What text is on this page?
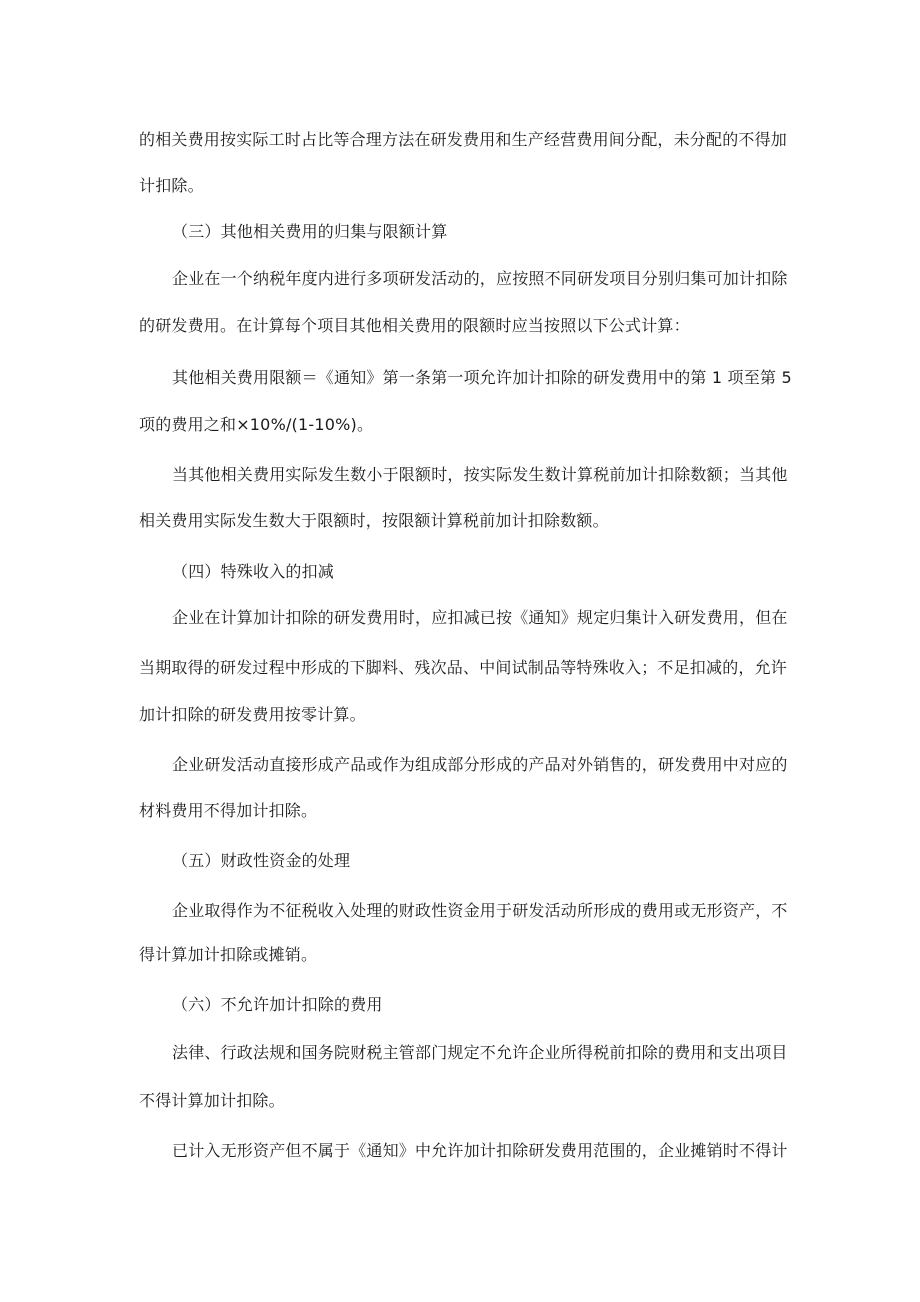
的相关费用按实际工时占比等合理方法在研发费用和生产经营费用间分配，未分配的不得加
计扣除。
（三）其他相关费用的归集与限额计算
企业在一个纳税年度内进行多项研发活动的，应按照不同研发项目分别归集可加计扣除
的研发费用。在计算每个项目其他相关费用的限额时应当按照以下公式计算：
其他相关费用限额＝《通知》第一条第一项允许加计扣除的研发费用中的第 1 项至第 5
项的费用之和×10%/(1-10%)。
当其他相关费用实际发生数小于限额时，按实际发生数计算税前加计扣除数额；当其他
相关费用实际发生数大于限额时，按限额计算税前加计扣除数额。
（四）特殊收入的扣减
企业在计算加计扣除的研发费用时，应扣减已按《通知》规定归集计入研发费用，但在
当期取得的研发过程中形成的下脚料、残次品、中间试制品等特殊收入；不足扣减的，允许
加计扣除的研发费用按零计算。
企业研发活动直接形成产品或作为组成部分形成的产品对外销售的，研发费用中对应的
材料费用不得加计扣除。
（五）财政性资金的处理
企业取得作为不征税收入处理的财政性资金用于研发活动所形成的费用或无形资产，不
得计算加计扣除或摊销。
（六）不允许加计扣除的费用
法律、行政法规和国务院财税主管部门规定不允许企业所得税前扣除的费用和支出项目
不得计算加计扣除。
已计入无形资产但不属于《通知》中允许加计扣除研发费用范围的，企业摊销时不得计
